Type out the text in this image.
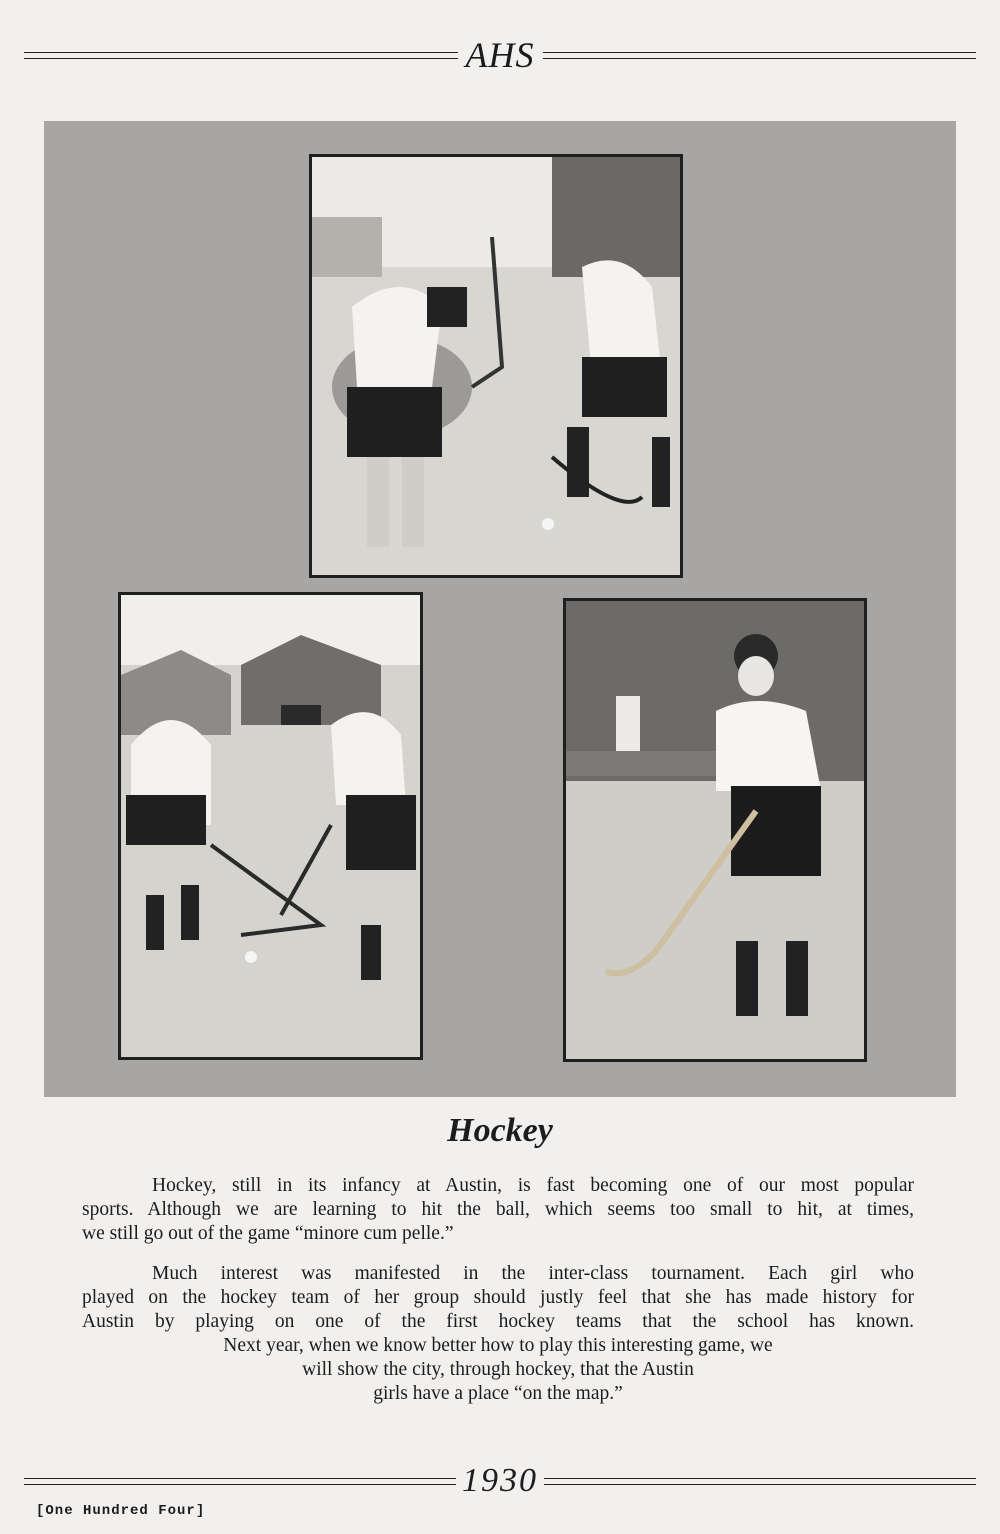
AHS
Hockey
Hockey, still in its infancy at Austin, is fast becoming one of our most popular
sports. Although we are learning to hit the ball, which seems too small to hit, at times,
we still go out of the game “minore cum pelle.”
Much interest was manifested in the inter-class tournament. Each girl who
played on the hockey team of her group should justly feel that she has made history for
Austin by playing on one of the first hockey teams that the school has known.
Next year, when we know better how to play this interesting game, we
will show the city, through hockey, that the Austin
girls have a place “on the map.”
1930
[One Hundred Four]
